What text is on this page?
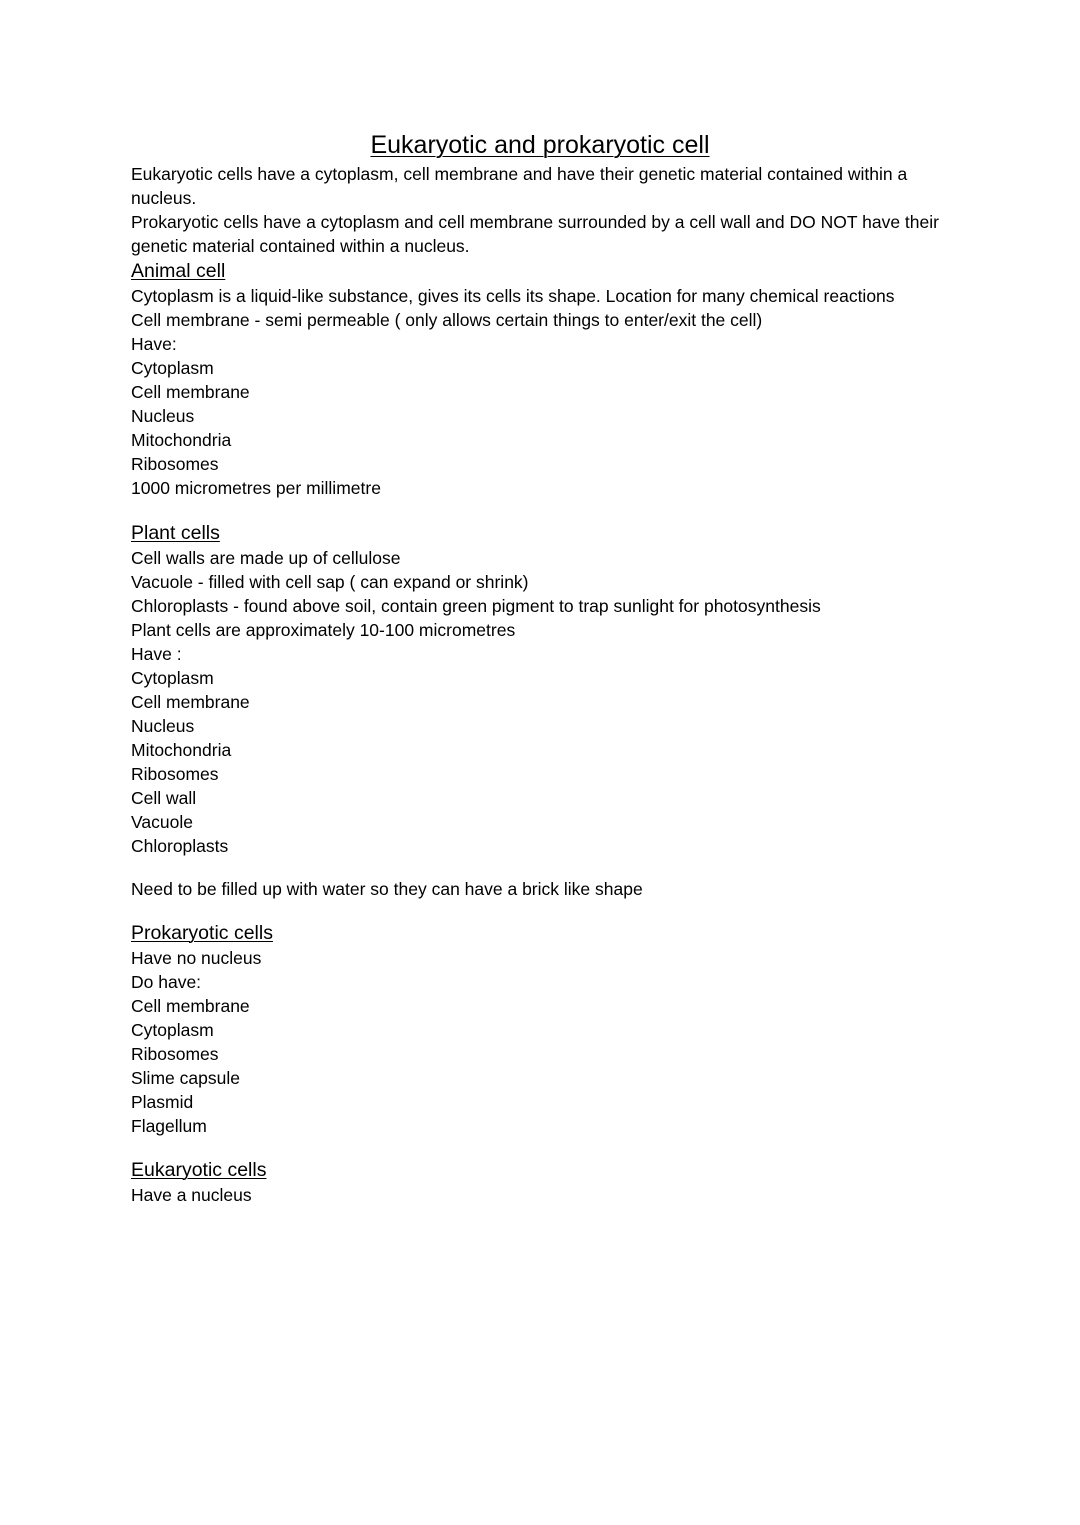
Eukaryotic and prokaryotic cell

Eukaryotic cells have a cytoplasm, cell membrane and have their genetic material contained within a nucleus.

Prokaryotic cells have a cytoplasm and cell membrane surrounded by a cell wall and DO NOT have their genetic material contained within a nucleus.

Animal cell
Cytoplasm is a liquid-like substance, gives its cells its shape. Location for many chemical reactions
Cell membrane - semi permeable ( only allows certain things to enter/exit the cell)
Have:
Cytoplasm
Cell membrane
Nucleus
Mitochondria
Ribosomes
1000 micrometres per millimetre
Plant cells
Cell walls are made up of cellulose
Vacuole - filled with cell sap ( can expand or shrink)
Chloroplasts - found above soil, contain green pigment to trap sunlight for photosynthesis
Plant cells are approximately 10-100 micrometres
Have :
Cytoplasm
Cell membrane
Nucleus
Mitochondria
Ribosomes
Cell wall
Vacuole
Chloroplasts

Need to be filled up with water so they can have a brick like shape

Prokaryotic cells
Have no nucleus
Do have:
Cell membrane
Cytoplasm
Ribosomes
Slime capsule
Plasmid
Flagellum
Eukaryotic cells
Have a nucleus
